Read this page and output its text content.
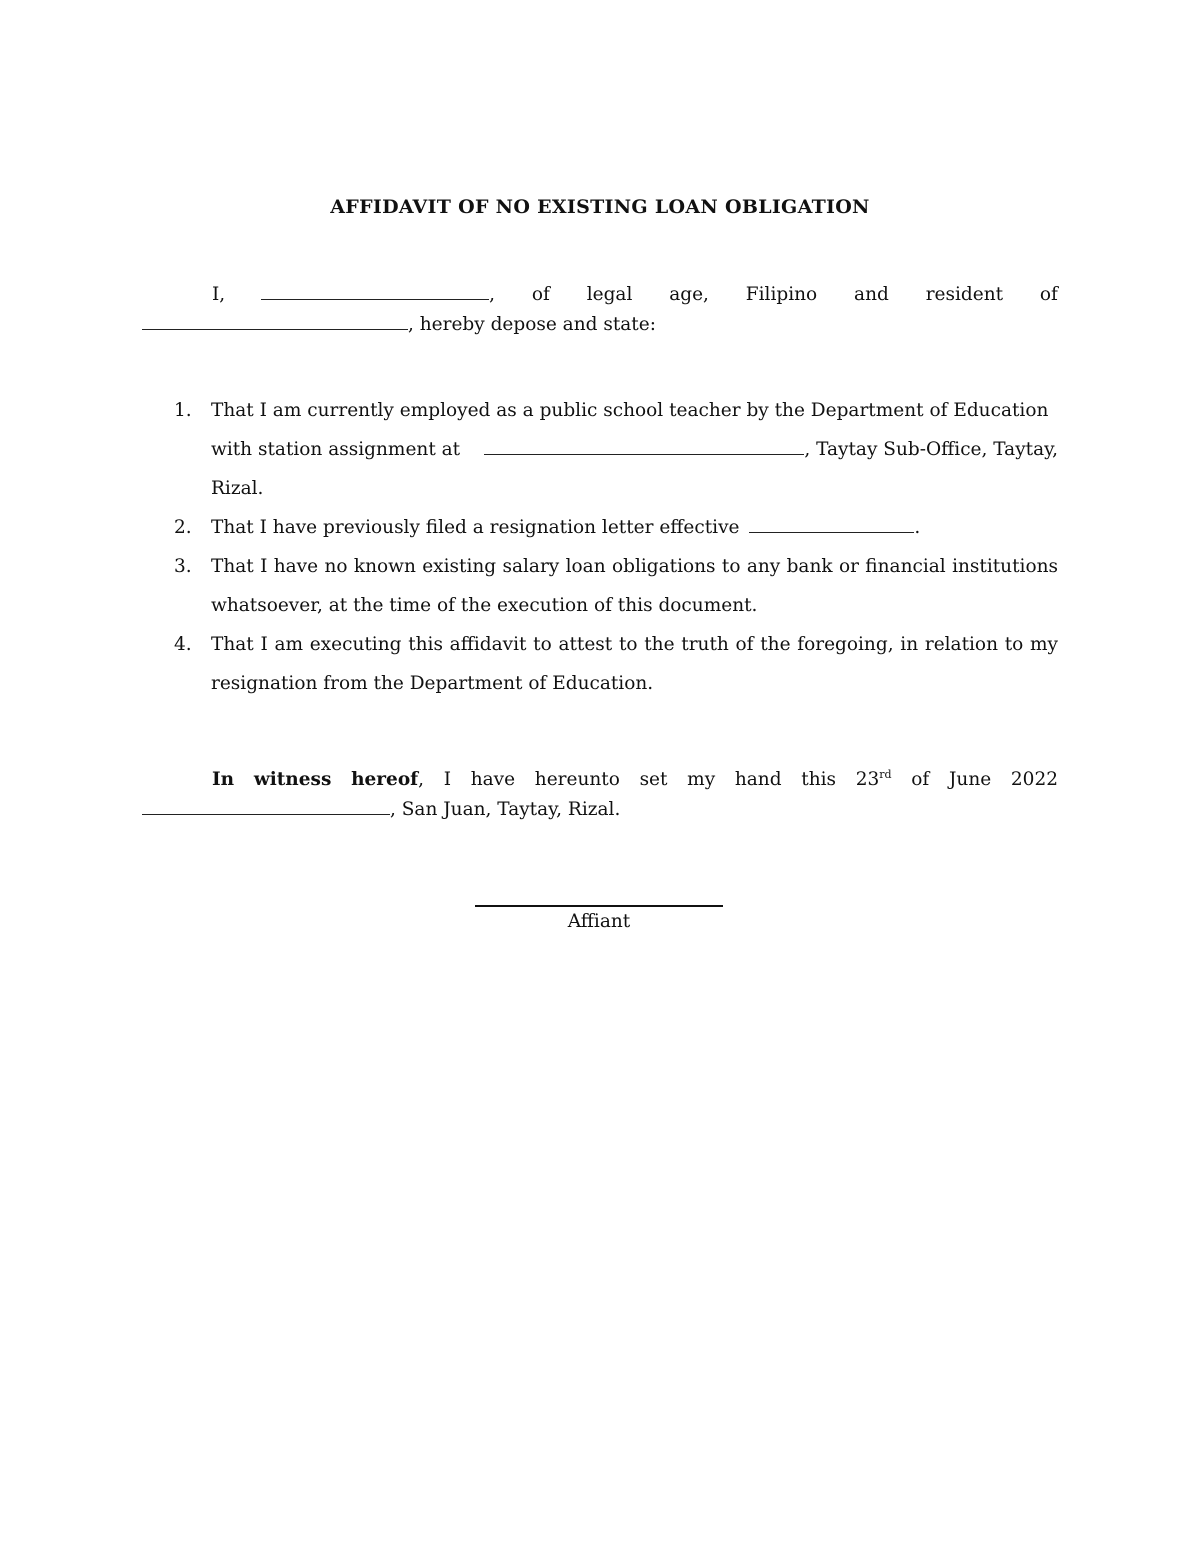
AFFIDAVIT OF NO EXISTING LOAN OBLIGATION
I,	, of legal age, Filipino and resident of
, hereby depose and state:
1. That I am currently employed as a public school teacher by the Department of Education
with station assignment at	, Taytay Sub-Office, Taytay,
Rizal.
2. That I have previously filed a resignation letter effective	.
3. That I have no known existing salary loan obligations to any bank or financial institutions whatsoever, at the time of the execution of this document.
4. That I am executing this affidavit to attest to the truth of the foregoing, in relation to my resignation from the Department of Education.
In witness hereof, I have hereunto set my hand this 23rd of June 2022
, San Juan, Taytay, Rizal.
Affiant
